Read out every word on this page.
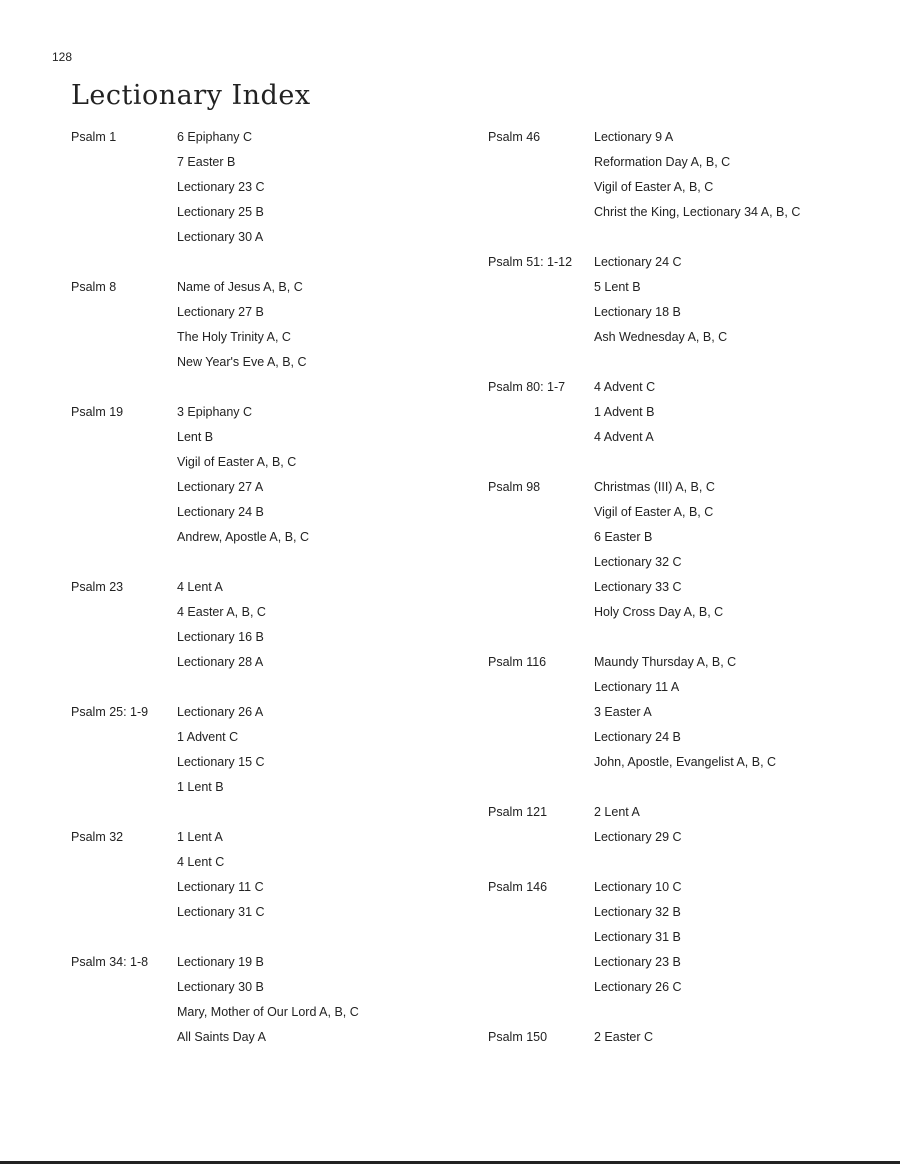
128
Lectionary Index
Psalm 1	6 Epiphany C
7 Easter B
Lectionary 23 C
Lectionary 25 B
Lectionary 30 A
Psalm 8	Name of Jesus A, B, C
Lectionary 27 B
The Holy Trinity A, C
New Year's Eve A, B, C
Psalm 19	3 Epiphany C
Lent B
Vigil of Easter A, B, C
Lectionary 27 A
Lectionary 24 B
Andrew, Apostle A, B, C
Psalm 23	4 Lent A
4 Easter A, B, C
Lectionary 16 B
Lectionary 28 A
Psalm 25: 1-9	Lectionary 26 A
1 Advent C
Lectionary 15 C
1 Lent B
Psalm 32	1 Lent A
4 Lent C
Lectionary 11 C
Lectionary 31 C
Psalm 34: 1-8	Lectionary 19 B
Lectionary 30 B
Mary, Mother of Our Lord A, B, C
All Saints Day A
Psalm 46	Lectionary 9 A
Reformation Day A, B, C
Vigil of Easter A, B, C
Christ the King, Lectionary 34 A, B, C
Psalm 51: 1-12	Lectionary 24 C
5 Lent B
Lectionary 18 B
Ash Wednesday A, B, C
Psalm 80: 1-7	4 Advent C
1 Advent B
4 Advent A
Psalm 98	Christmas (III) A, B, C
Vigil of Easter A, B, C
6 Easter B
Lectionary 32 C
Lectionary 33 C
Holy Cross Day A, B, C
Psalm 116	Maundy Thursday A, B, C
Lectionary 11 A
3 Easter A
Lectionary 24 B
John, Apostle, Evangelist A, B, C
Psalm 121	2 Lent A
Lectionary 29 C
Psalm 146	Lectionary 10 C
Lectionary 32 B
Lectionary 31 B
Lectionary 23 B
Lectionary 26 C
Psalm 150	2 Easter C
